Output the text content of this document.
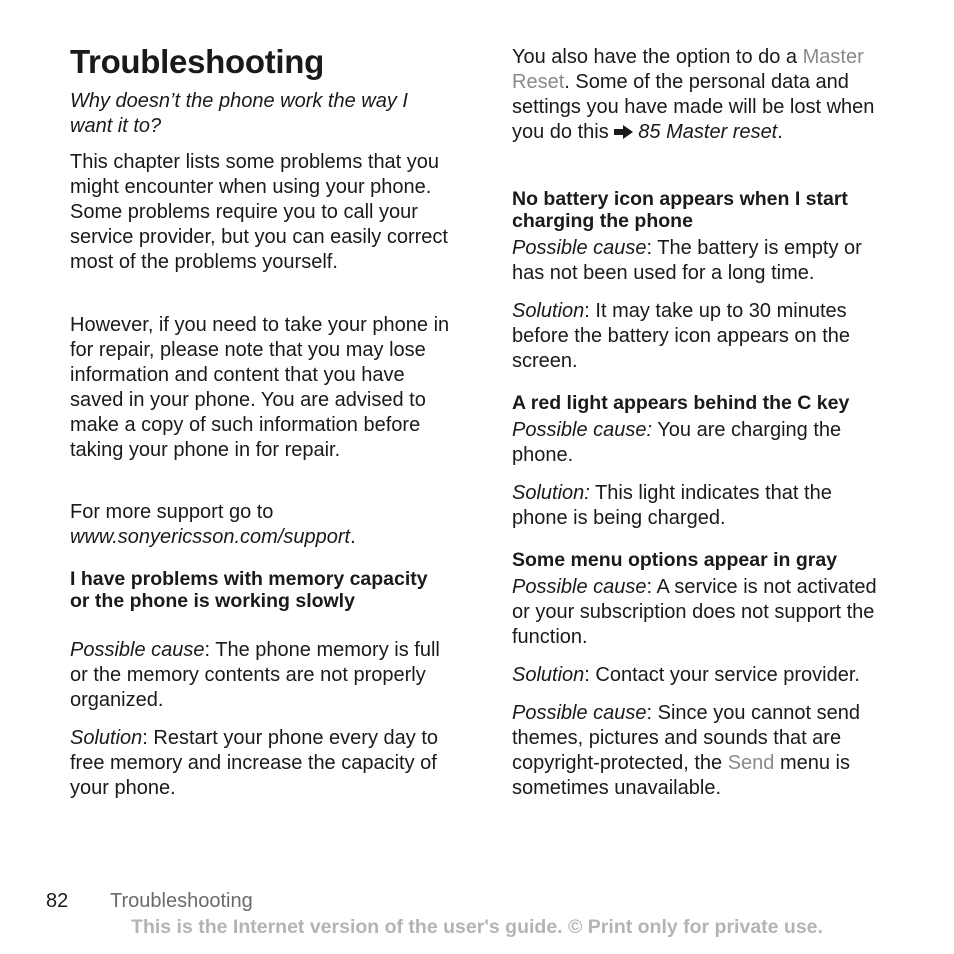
Troubleshooting

Why doesn’t the phone work the way I want it to?

This chapter lists some problems that you might encounter when using your phone. Some problems require you to call your service provider, but you can easily correct most of the problems yourself.

However, if you need to take your phone in for repair, please note that you may lose information and content that you have saved in your phone. You are advised to make a copy of such information before taking your phone in for repair.

For more support go to
www.sonyericsson.com/support.

I have problems with memory capacity or the phone is working slowly

Possible cause: The phone memory is full or the memory contents are not properly organized.

Solution: Restart your phone every day to free memory and increase the capacity of your phone.

You also have the option to do a Master Reset. Some of the personal data and settings you have made will be lost when you do this 85 Master reset.

No battery icon appears when I start charging the phone

Possible cause: The battery is empty or has not been used for a long time.

Solution: It may take up to 30 minutes before the battery icon appears on the screen.

A red light appears behind the C key

Possible cause: You are charging the phone.

Solution: This light indicates that the phone is being charged.

Some menu options appear in gray

Possible cause: A service is not activated or your subscription does not support the function.

Solution: Contact your service provider.

Possible cause: Since you cannot send themes, pictures and sounds that are copyright-protected, the Send menu is sometimes unavailable.

82 Troubleshooting
This is the Internet version of the user's guide. © Print only for private use.
